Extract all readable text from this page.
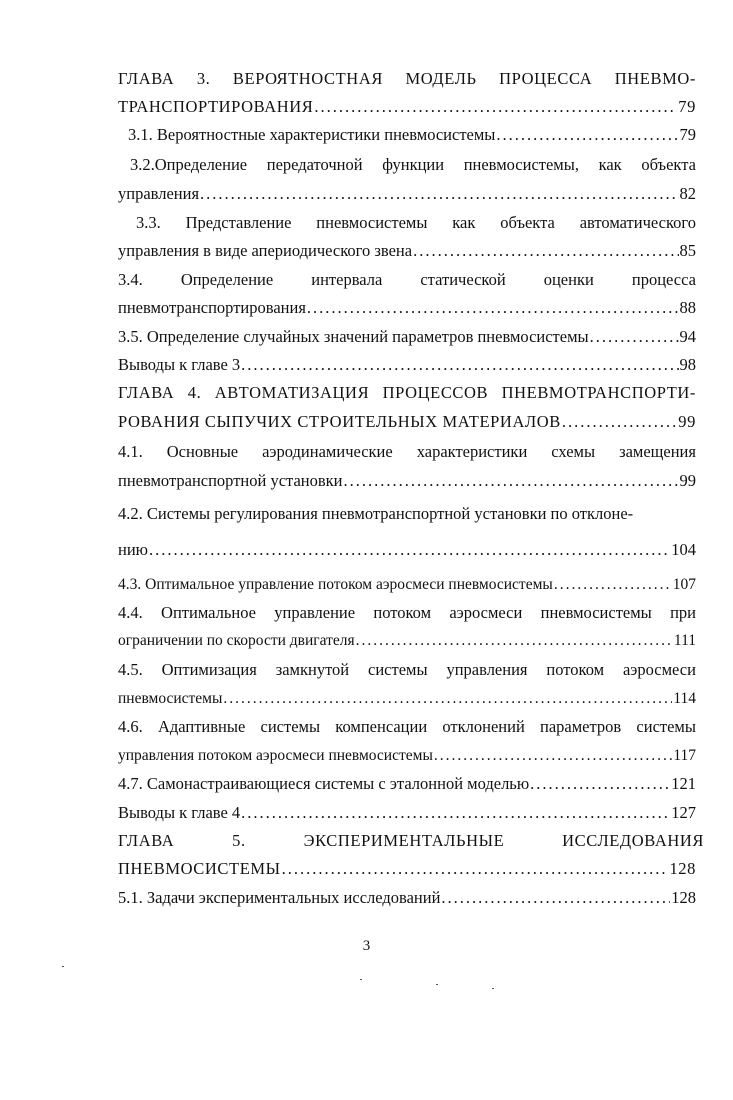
ГЛАВА 3. ВЕРОЯТНОСТНАЯ МОДЕЛЬ ПРОЦЕССА ПНЕВМО-
ТРАНСПОРТИРОВАНИЯ .....	79
3.1. Вероятностные характеристики пневмосистемы .....	79
3.2.Определение передаточной функции пневмосистемы, как объекта
управления .....	82
3.3. Представление пневмосистемы как объекта автоматического
управления в виде апериодического звена .....	85
3.4. Определение интервала статической оценки процесса
пневмотранспортирования .....	88
3.5. Определение случайных значений параметров пневмосистемы .....	94
Выводы к главе 3 .....	98
ГЛАВА 4. АВТОМАТИЗАЦИЯ ПРОЦЕССОВ ПНЕВМОТРАНСПОРТИ-
РОВАНИЯ СЫПУЧИХ СТРОИТЕЛЬНЫХ МАТЕРИАЛОВ .....	99
4.1. Основные аэродинамические характеристики схемы замещения
пневмотранспортной установки .....	99
4.2. Системы регулирования пневмотранспортной установки по отклоне-
нию .....	104
4.3. Оптимальное управление потоком аэросмеси пневмосистемы .....	107
4.4. Оптимальное управление потоком аэросмеси пневмосистемы при
ограничении по скорости двигателя .....	111
4.5. Оптимизация замкнутой системы управления потоком аэросмеси
пневмосистемы .....	114
4.6. Адаптивные системы компенсации отклонений параметров системы
управления потоком аэросмеси пневмосистемы .....	117
4.7. Самонастраивающиеся системы с эталонной моделью .....	121
Выводы к главе 4 .....	127
ГЛАВА	5.	ЭКСПЕРИМЕНТАЛЬНЫЕ	ИССЛЕДОВАНИЯ
ПНЕВМОСИСТЕМЫ .....	128
5.1. Задачи экспериментальных исследований .....	128
3
